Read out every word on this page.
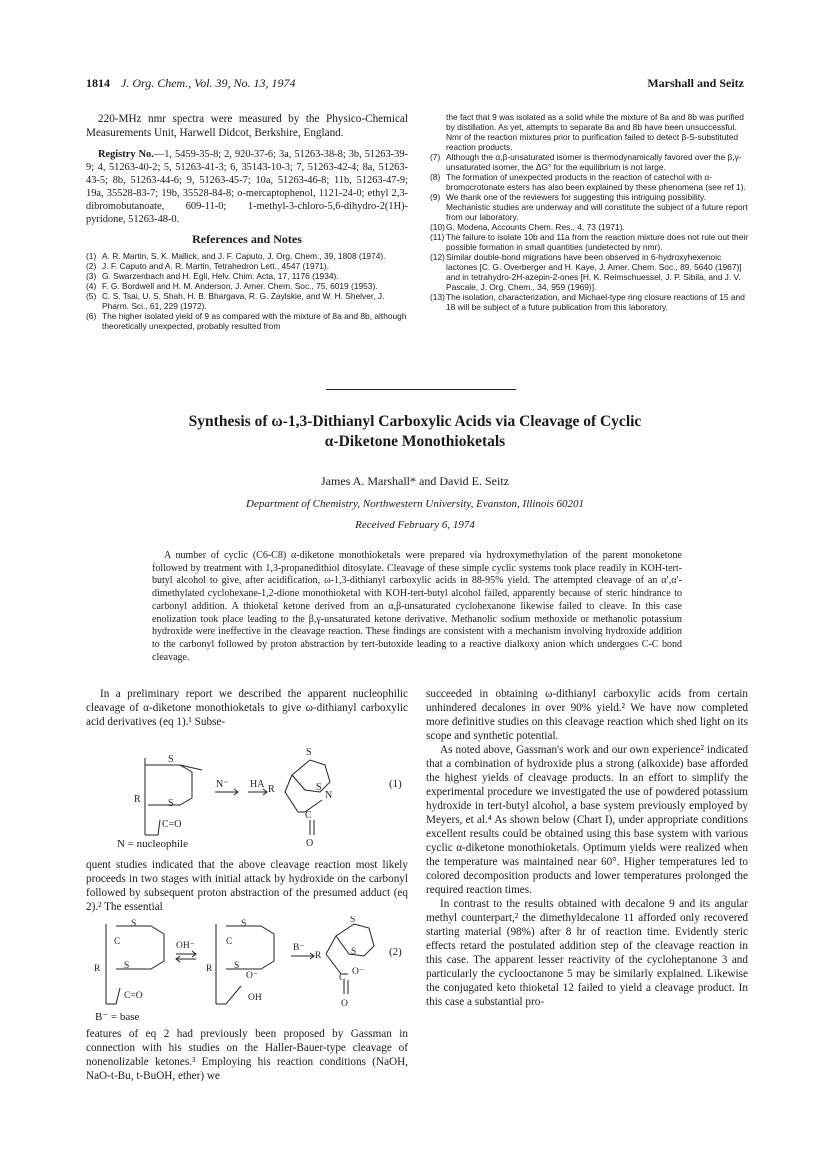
1814 J. Org. Chem., Vol. 39, No. 13, 1974	Marshall and Seitz

220-MHz nmr spectra were measured by the Physico-Chemical Measurements Unit, Harwell Didcot, Berkshire, England.

Registry No.—1, 5459-35-8; 2, 920-37-6; 3a, 51263-38-8; 3b, 51263-39-9; 4, 51263-40-2; 5, 51263-41-3; 6, 35143-10-3; 7, 51263-42-4; 8a, 51263-43-5; 8b, 51263-44-6; 9, 51263-45-7; 10a, 51263-46-8; 11b, 51263-47-9; 19a, 35528-83-7; 19b, 35528-84-8; o-mercaptophenol, 1121-24-0; ethyl 2,3-dibromobutanoate, 609-11-0; 1-methyl-3-chloro-5,6-dihydro-2(1H)-pyridone, 51263-48-0.

References and Notes
(1) A. R. Martin, S. K. Mallick, and J. F. Caputo, J. Org. Chem., 39, 1808 (1974).
(2) J. F. Caputo and A. R. Martin, Tetrahedron Lett., 4547 (1971).
(3) G. Swarzenbach and H. Egli, Helv. Chim. Acta, 17, 1176 (1934).
(4) F. G. Bordwell and H. M. Anderson, J. Amer. Chem. Soc., 75, 6019 (1953).
(5) C. S. Tsai, U. S. Shah, H. B. Bhargava, R. G. Zaylskie, and W. H. Shelver, J. Pharm. Sci., 61, 229 (1972).
(6) The higher isolated yield of 9 as compared with the mixture of 8a and 8b, although theoretically unexpected, probably resulted from
the fact that 9 was isolated as a solid while the mixture of 8a and 8b was purified by distillation. As yet, attempts to separate 8a and 8b have been unsuccessful. Nmr of the reaction mixtures prior to purification failed to detect β-S-substituted reaction products.
(7) Although the α,β-unsaturated isomer is thermodynamically favored over the β,γ-unsaturated isomer, the ΔG° for the equilibrium is not large.
(8) The formation of unexpected products in the reaction of catechol with α-bromocrotonate esters has also been explained by these phenomena (see ref 1).
(9) We thank one of the reviewers for suggesting this intriguing possibility. Mechanistic studies are underway and will constitute the subject of a future report from our laboratory.
(10) G. Modena, Accounts Chem. Res., 4, 73 (1971).
(11) The failure to isolate 10b and 11a from the reaction mixture does not rule out their possible formation in small quantities (undetected by nmr).
(12) Similar double-bond migrations have been observed in 6-hydroxyhexenoic lactones [C. G. Overberger and H. Kaye, J. Amer. Chem. Soc., 89, 5640 (1967)] and in tetrahydro-2H-azepin-2-ones [H. K. Reimschuessel, J. P. Sibila, and J. V. Pascale, J. Org. Chem., 34, 959 (1969)].
(13) The isolation, characterization, and Michael-type ring closure reactions of 15 and 18 will be subject of a future publication from this laboratory.
Synthesis of ω-1,3-Dithianyl Carboxylic Acids via Cleavage of Cyclic
α-Diketone Monothioketals
James A. Marshall* and David E. Seitz
Department of Chemistry, Northwestern University, Evanston, Illinois 60201
Received February 6, 1974
A number of cyclic (C6-C8) α-diketone monothioketals were prepared via hydroxymethylation of the parent monoketone followed by treatment with 1,3-propanedithiol ditosylate. Cleavage of these simple cyclic systems took place readily in KOH-tert-butyl alcohol to give, after acidification, ω-1,3-dithianyl carboxylic acids in 88-95% yield. The attempted cleavage of an α′,α′-dimethylated cyclohexane-1,2-dione monothioketal with KOH-tert-butyl alcohol failed, apparently because of steric hindrance to carbonyl addition. A thioketal ketone derived from an α,β-unsaturated cyclohexanone likewise failed to cleave. In this case enolization took place leading to the β,γ-unsaturated ketone derivative. Methanolic sodium methoxide or methanolic potassium hydroxide were ineffective in the cleavage reaction. These findings are consistent with a mechanism involving hydroxide addition to the carbonyl followed by proton abstraction by tert-butoxide leading to a reactive dialkoxy anion which undergoes C-C bond cleavage.

In a preliminary report we described the apparent nucleophilic cleavage of α-diketone monothioketals to give ω-dithianyl carboxylic acid derivatives (eq 1).¹ Subse-

S
S
R
C=O
N⁻ HA
S
S
R
C
N
O
(1)
N = nucleophile

quent studies indicated that the above cleavage reaction most likely proceeds in two stages with initial attack by hydroxide on the carbonyl followed by subsequent proton abstraction of the presumed adduct (eq 2).² The essential

S
C
S
R
C=O
OH⁻
S
C
S
R
O⁻
OH
B⁻
S
S
R
C
O⁻
O
(2)
B⁻ = base

features of eq 2 had previously been proposed by Gassman in connection with his studies on the Haller-Bauer-type cleavage of nonenolizable ketones.³ Employing his reaction conditions (NaOH, NaO-t-Bu, t-BuOH, ether) we

succeeded in obtaining ω-dithianyl carboxylic acids from certain unhindered decalones in over 90% yield.² We have now completed more definitive studies on this cleavage reaction which shed light on its scope and synthetic potential.

As noted above, Gassman's work and our own experience² indicated that a combination of hydroxide plus a strong (alkoxide) base afforded the highest yields of cleavage products. In an effort to simplify the experimental procedure we investigated the use of powdered potassium hydroxide in tert-butyl alcohol, a base system previously employed by Meyers, et al.⁴ As shown below (Chart I), under appropriate conditions excellent results could be obtained using this base system with various cyclic α-diketone monothioketals. Optimum yields were realized when the temperature was maintained near 60°. Higher temperatures led to colored decomposition products and lower temperatures prolonged the required reaction times.

In contrast to the results obtained with decalone 9 and its angular methyl counterpart,² the dimethyldecalone 11 afforded only recovered starting material (98%) after 8 hr of reaction time. Evidently steric effects retard the postulated addition step of the cleavage reaction in this case. The apparent lesser reactivity of the cycloheptanone 3 and particularly the cyclooctanone 5 may be similarly explained. Likewise the conjugated keto thioketal 12 failed to yield a cleavage product. In this case a substantial pro-
